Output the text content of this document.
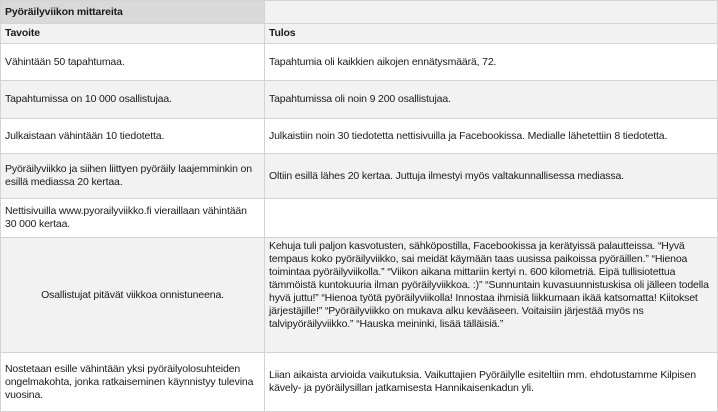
Pyöräilyviikon mittareita	
Tavoite	Tulos
Vähintään 50 tapahtumaa.	Tapahtumia oli kaikkien aikojen ennätysmäärä, 72.
Tapahtumissa on 10 000 osallistujaa.	Tapahtumissa oli noin 9 200 osallistujaa.
Julkaistaan vähintään 10 tiedotetta.	Julkaistiin noin 30 tiedotetta nettisivuilla ja Facebookissa. Medialle lähetettiin 8 tiedotetta.
Pyöräilyviikko ja siihen liittyen pyöräily laajemminkin on esillä mediassa 20 kertaa.	Oltiin esillä lähes 20 kertaa. Juttuja ilmestyi myös valtakunnallisessa mediassa.
Nettisivuilla www.pyorailyviikko.fi vieraillaan vähintään 30 000 kertaa.	
Osallistujat pitävät viikkoa onnistuneena.	Kehuja tuli paljon kasvotusten, sähköpostilla, Facebookissa ja kerätyissä palautteissa. “Hyvä tempaus koko pyöräilyviikko, sai meidät käymään taas uusissa paikoissa pyöräillen.” “Hienoa toimintaa pyöräilyviikolla.” “Viikon aikana mittariin kertyi n. 600 kilometriä. Eipä tullisiotettua tämmöistä kuntokuuria ilman pyöräilyviikkoa. :)” “Sunnuntain kuvasuunnistuskisa oli jälleen todella hyvä juttu!” “Hienoa työtä pyöräilyviikolla! Innostaa ihmisiä liikkumaan ikää katsomatta! Kiitokset järjestäjille!” “Pyöräilyviikko on mukava alku kevääseen. Voitaisiin järjestää myös ns talvipyöräilyviikko.” “Hauska meininki, lisää tälläisiä.”
Nostetaan esille vähintään yksi pyöräilyolosuhteiden ongelmakohta, jonka ratkaiseminen käynnistyy tulevina vuosina.	Liian aikaista arvioida vaikutuksia. Vaikuttajien Pyöräilylle esiteltiin mm. ehdotustamme Kilpisen kävely- ja pyöräilysillan jatkamisesta Hannikaisenkadun yli.
